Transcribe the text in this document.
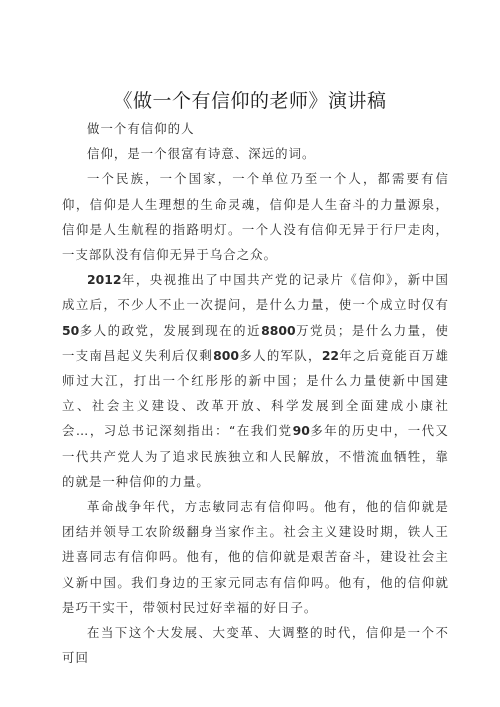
《做一个有信仰的老师》演讲稿

做一个有信仰的人

信仰，是一个很富有诗意、深远的词。

一个民族，一个国家，一个单位乃至一个人，都需要有信仰，信仰是人生理想的生命灵魂，信仰是人生奋斗的力量源泉，信仰是人生航程的指路明灯。一个人没有信仰无异于行尸走肉，一支部队没有信仰无异于乌合之众。

2012年，央视推出了中国共产党的记录片《信仰》，新中国成立后，不少人不止一次提问，是什么力量，使一个成立时仅有50多人的政党，发展到现在的近8800万党员；是什么力量，使一支南昌起义失利后仅剩800多人的军队，22年之后竟能百万雄师过大江，打出一个红彤彤的新中国；是什么力量使新中国建立、社会主义建设、改革开放、科学发展到全面建成小康社会…，习总书记深刻指出：“在我们党90多年的历史中，一代又一代共产党人为了追求民族独立和人民解放，不惜流血牺牲，靠的就是一种信仰的力量。

革命战争年代，方志敏同志有信仰吗。他有，他的信仰就是团结并领导工农阶级翻身当家作主。社会主义建设时期，铁人王进喜同志有信仰吗。他有，他的信仰就是艰苦奋斗，建设社会主义新中国。我们身边的王家元同志有信仰吗。他有，他的信仰就是巧干实干，带领村民过好幸福的好日子。

在当下这个大发展、大变革、大调整的时代，信仰是一个不可回
